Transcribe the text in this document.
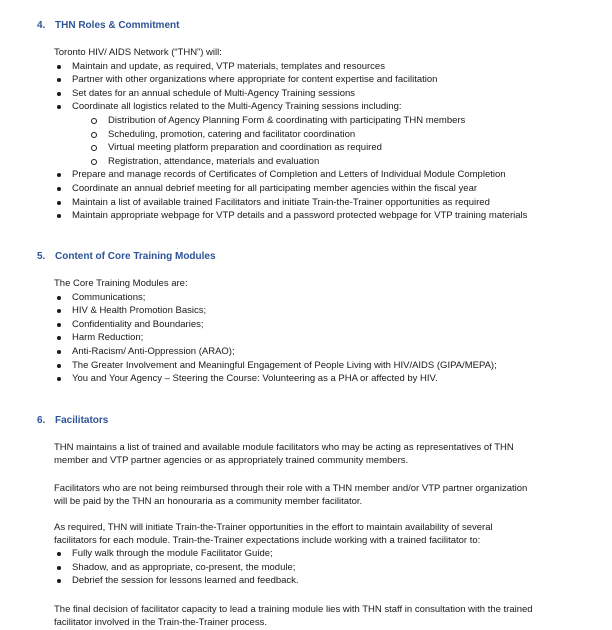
4. THN Roles & Commitment
Toronto HIV/ AIDS Network (“THN”) will:
Maintain and update, as required, VTP materials, templates and resources
Partner with other organizations where appropriate for content expertise and facilitation
Set dates for an annual schedule of Multi-Agency Training sessions
Coordinate all logistics related to the Multi-Agency Training sessions including:
Distribution of Agency Planning Form & coordinating with participating THN members
Scheduling, promotion, catering and facilitator coordination
Virtual meeting platform preparation and coordination as required
Registration, attendance, materials and evaluation
Prepare and manage records of Certificates of Completion and Letters of Individual Module Completion
Coordinate an annual debrief meeting for all participating member agencies within the fiscal year
Maintain a list of available trained Facilitators and initiate Train-the-Trainer opportunities as required
Maintain appropriate webpage for VTP details and a password protected webpage for VTP training materials
5. Content of Core Training Modules
The Core Training Modules are:
Communications;
HIV & Health Promotion Basics;
Confidentiality and Boundaries;
Harm Reduction;
Anti-Racism/ Anti-Oppression (ARAO);
The Greater Involvement and Meaningful Engagement of People Living with HIV/AIDS (GIPA/MEPA);
You and Your Agency – Steering the Course: Volunteering as a PHA or affected by HIV.
6. Facilitators

THN maintains a list of trained and available module facilitators who may be acting as representatives of THN

member and VTP partner agencies or as appropriately trained community members.

Facilitators who are not being reimbursed through their role with a THN member and/or VTP partner organization

will be paid by the THN an honouraria as a community member facilitator.

As required, THN will initiate Train-the-Trainer opportunities in the effort to maintain availability of several

facilitators for each module. Train-the-Trainer expectations include working with a trained facilitator to:

Fully walk through the module Facilitator Guide;
Shadow, and as appropriate, co-present, the module;
Debrief the session for lessons learned and feedback.

The final decision of facilitator capacity to lead a training module lies with THN staff in consultation with the trained

facilitator involved in the Train-the-Trainer process.
